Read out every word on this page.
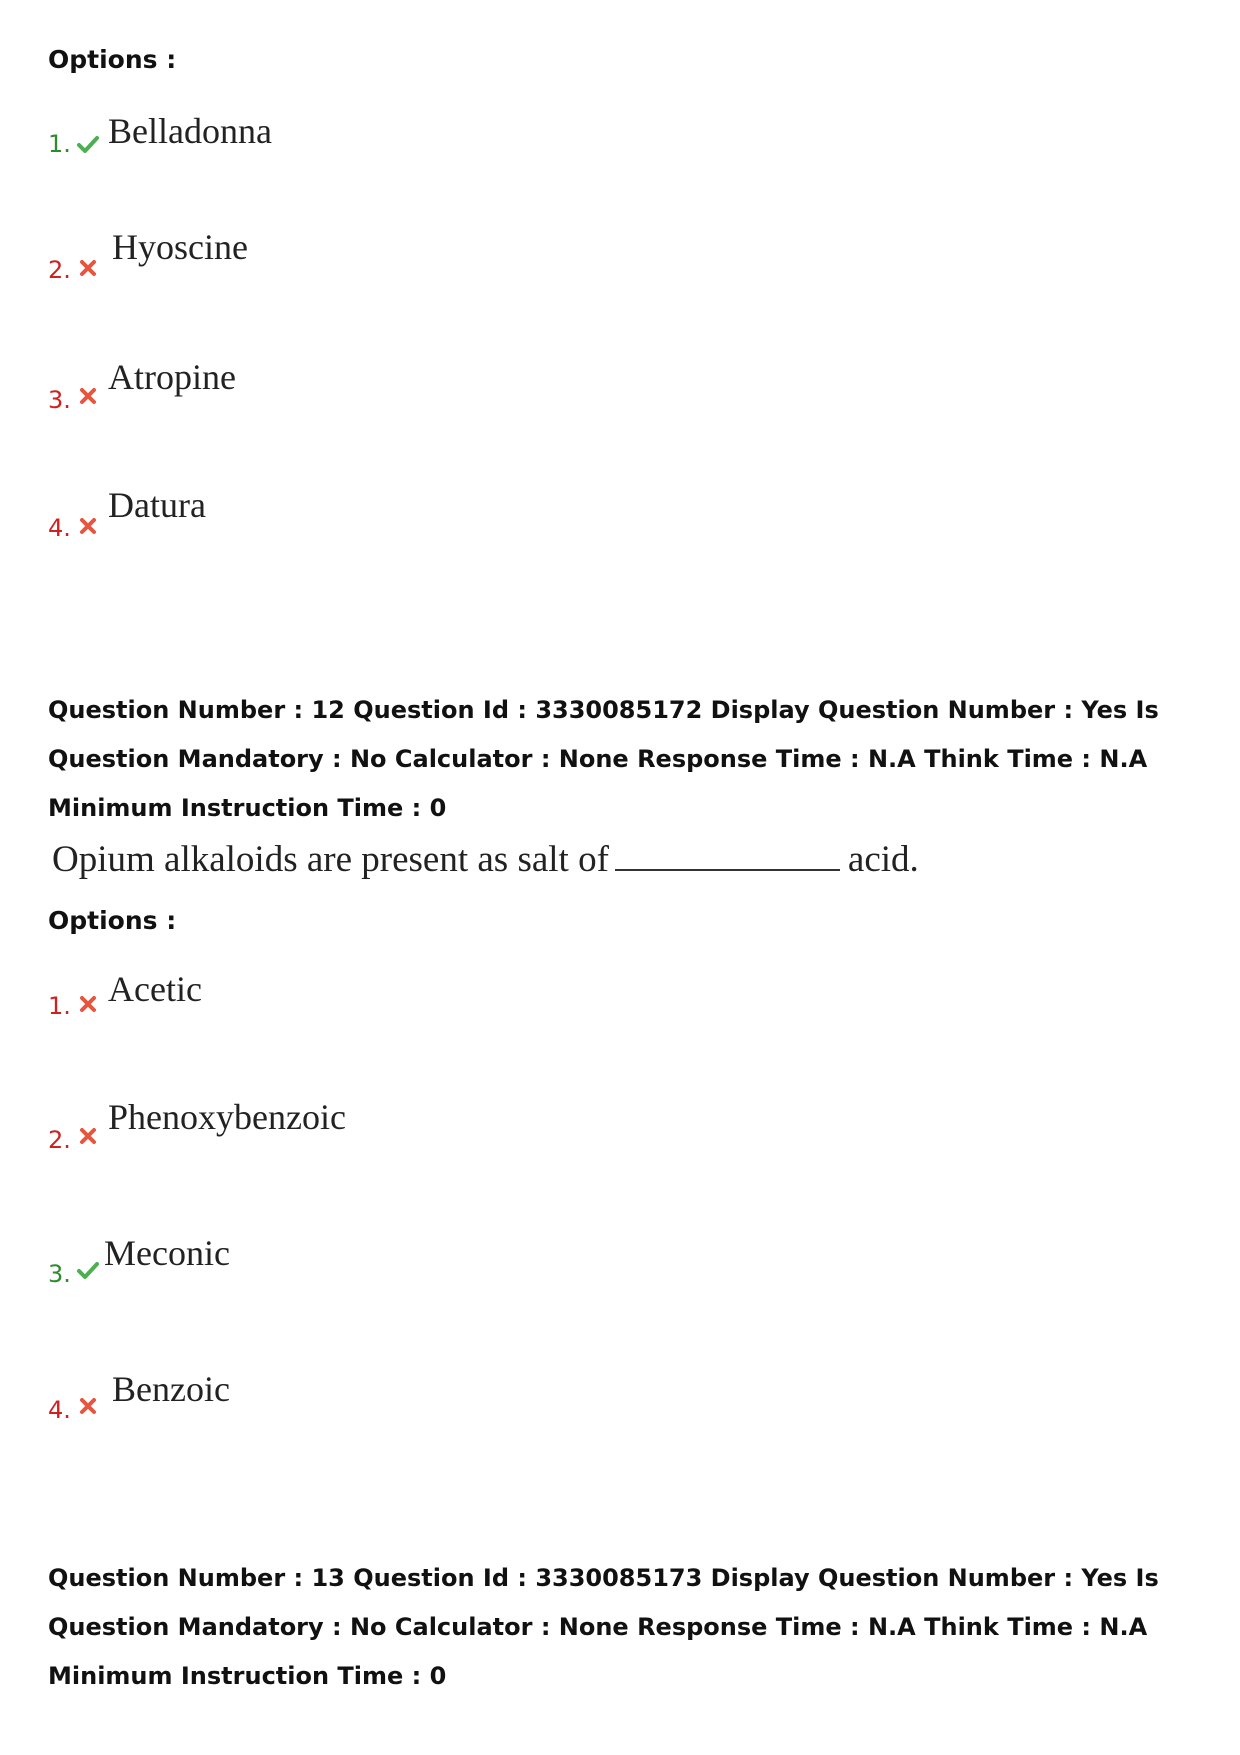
Options :
1. Belladonna
2.
Hyoscine
3.
Atropine
4.
Datura
Question Number : 12 Question Id : 3330085172 Display Question Number : Yes Is Question Mandatory : No Calculator : None Response Time : N.A Think Time : N.A Minimum Instruction Time : 0
Opium alkaloids are present as salt of	acid.
Options :
1. Acetic
2.
Phenoxybenzoic
3.
Meconic
4.
Benzoic
Question Number : 13 Question Id : 3330085173 Display Question Number : Yes Is Question Mandatory : No Calculator : None Response Time : N.A Think Time : N.A Minimum Instruction Time : 0
